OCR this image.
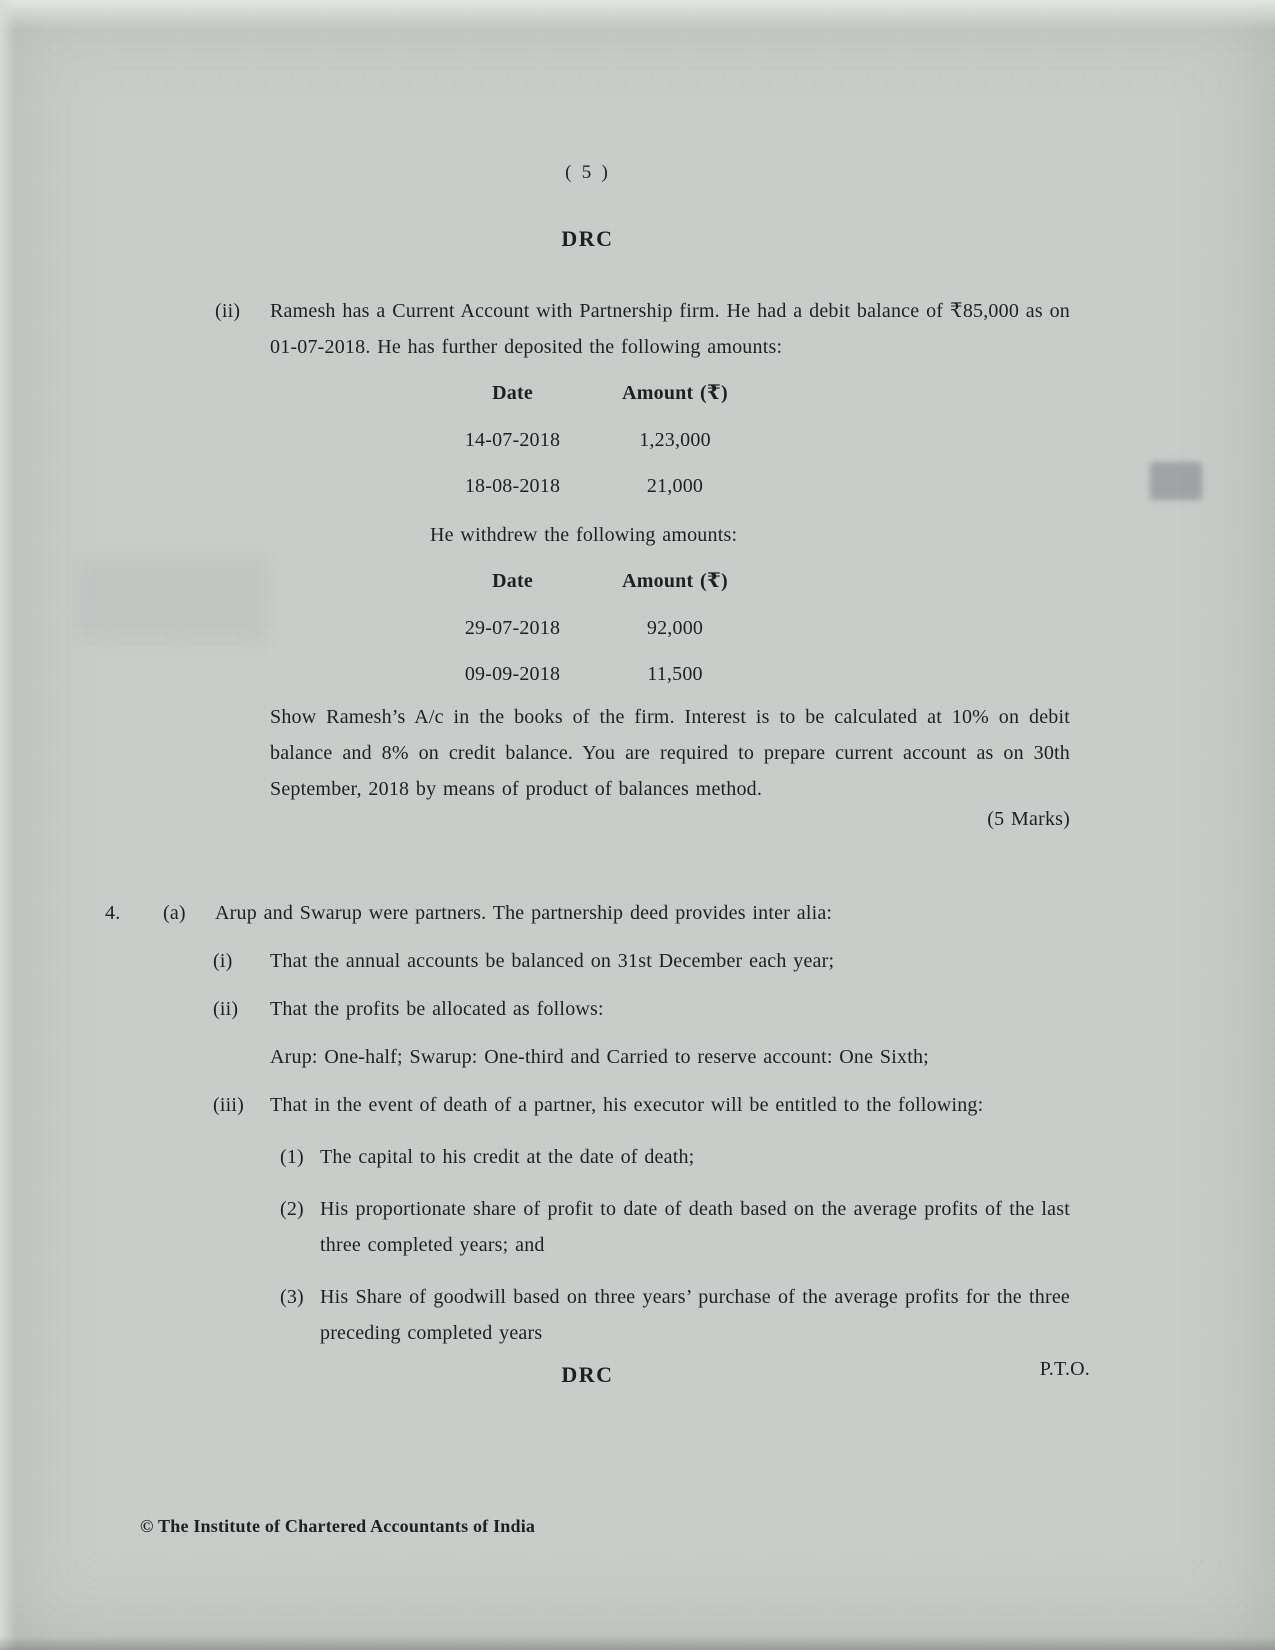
( 5 )
DRC
(ii)	Ramesh has a Current Account with Partnership firm. He had a debit balance of ₹85,000 as on 01-07-2018. He has further deposited the following amounts:

Date	Amount (₹)
14-07-2018	1,23,000
18-08-2018	21,000

He withdrew the following amounts:

Date	Amount (₹)
29-07-2018	92,000
09-09-2018	11,500

Show Ramesh’s A/c in the books of the firm. Interest is to be calculated at 10% on debit balance and 8% on credit balance. You are required to prepare current account as on 30th September, 2018 by means of product of balances method.

(5 Marks)

4.	(a)	Arup and Swarup were partners. The partnership deed provides inter alia:

(i)	That the annual accounts be balanced on 31st December each year;

(ii)	That the profits be allocated as follows:

Arup: One-half; Swarup: One-third and Carried to reserve account: One Sixth;

(iii)	That in the event of death of a partner, his executor will be entitled to the following:

(1) The capital to his credit at the date of death;

(2) His proportionate share of profit to date of death based on the average profits of the last three completed years; and

(3) His Share of goodwill based on three years’ purchase of the average profits for the three preceding completed years

DRC	P.T.O.
© The Institute of Chartered Accountants of India
